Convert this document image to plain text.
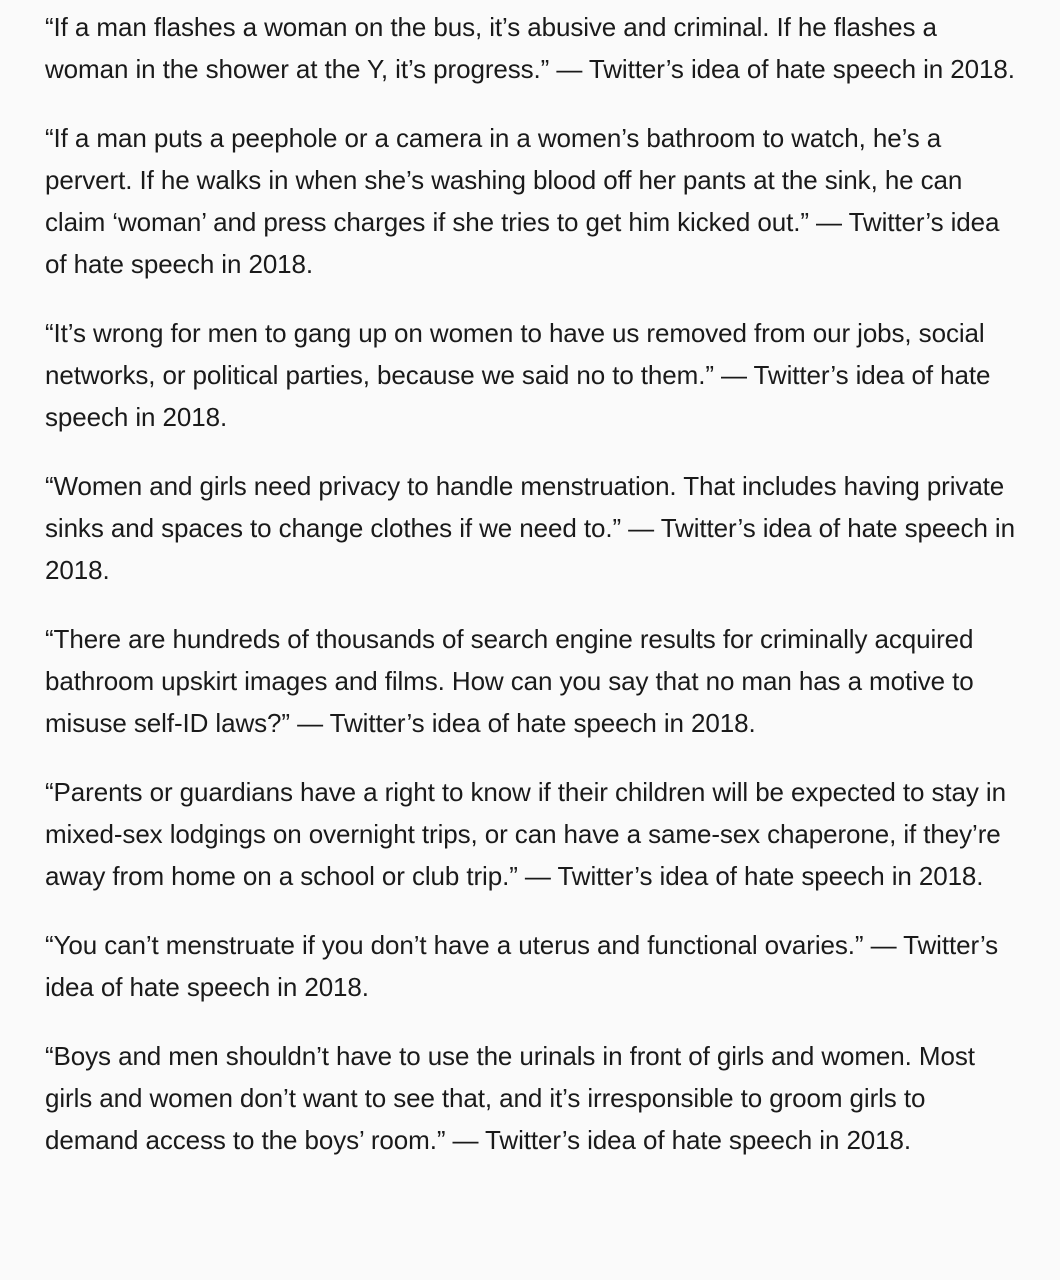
“If a man flashes a woman on the bus, it’s abusive and criminal. If he flashes a woman in the shower at the Y, it’s progress.” — Twitter’s idea of hate speech in 2018.

“If a man puts a peephole or a camera in a women’s bathroom to watch, he’s a pervert. If he walks in when she’s washing blood off her pants at the sink, he can claim ‘woman’ and press charges if she tries to get him kicked out.” — Twitter’s idea of hate speech in 2018.

“It’s wrong for men to gang up on women to have us removed from our jobs, social networks, or political parties, because we said no to them.” — Twitter’s idea of hate speech in 2018.

“Women and girls need privacy to handle menstruation. That includes having private sinks and spaces to change clothes if we need to.” — Twitter’s idea of hate speech in 2018.

“There are hundreds of thousands of search engine results for criminally acquired bathroom upskirt images and films. How can you say that no man has a motive to misuse self-ID laws?” — Twitter’s idea of hate speech in 2018.

“Parents or guardians have a right to know if their children will be expected to stay in mixed-sex lodgings on overnight trips, or can have a same-sex chaperone, if they’re away from home on a school or club trip.” — Twitter’s idea of hate speech in 2018.

“You can’t menstruate if you don’t have a uterus and functional ovaries.” — Twitter’s idea of hate speech in 2018.

“Boys and men shouldn’t have to use the urinals in front of girls and women. Most girls and women don’t want to see that, and it’s irresponsible to groom girls to demand access to the boys’ room.” — Twitter’s idea of hate speech in 2018.
